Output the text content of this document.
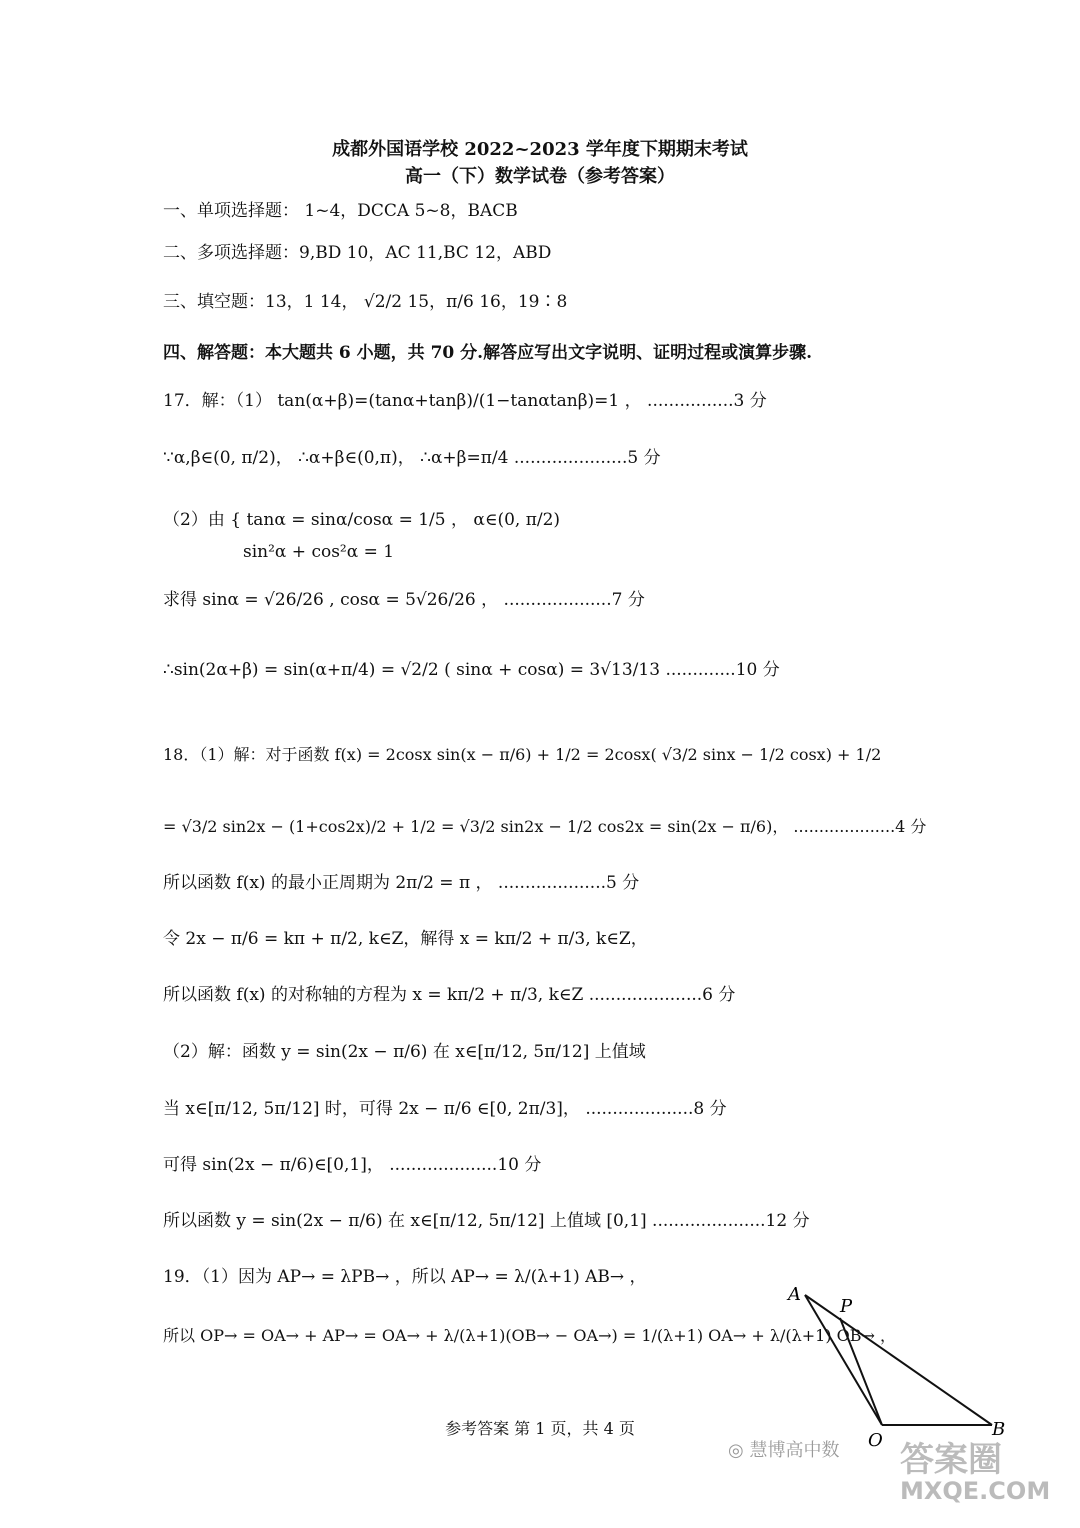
成都外国语学校 2022~2023 学年度下期期末考试
高一（下）数学试卷（参考答案）
一、单项选择题： 1~4，DCCA 5~8，BACB
二、多项选择题：9,BD 10，AC 11,BC 12，ABD
三、填空题：13，1 14， √2/2 15，π/6 16，19∶8
四、解答题：本大题共 6 小题，共 70 分.解答应写出文字说明、证明过程或演算步骤.
17．解：（1） tan(α+β)=(tanα+tanβ)/(1−tanαtanβ)=1 ， ................3 分
∵α,β∈(0, π/2)， ∴α+β∈(0,π)， ∴α+β=π/4 .....................5 分
（2）由 { tanα = sinα/cosα = 1/5 ， α∈(0, π/2)
sin²α + cos²α = 1
求得 sinα = √26/26 , cosα = 5√26/26 ， ....................7 分
∴sin(2α+β) = sin(α+π/4) = √2/2 ( sinα + cosα) = 3√13/13 .............10 分
18．（1）解：对于函数 f(x) = 2cosx sin(x − π/6) + 1/2 = 2cosx( √3/2 sinx − 1/2 cosx) + 1/2
= √3/2 sin2x − (1+cos2x)/2 + 1/2 = √3/2 sin2x − 1/2 cos2x = sin(2x − π/6)， ....................4 分
所以函数 f(x) 的最小正周期为 2π/2 = π ， ....................5 分
令 2x − π/6 = kπ + π/2, k∈Z，解得 x = kπ/2 + π/3, k∈Z，
所以函数 f(x) 的对称轴的方程为 x = kπ/2 + π/3, k∈Z .....................6 分
（2）解：函数 y = sin(2x − π/6) 在 x∈[π/12, 5π/12] 上值域
当 x∈[π/12, 5π/12] 时，可得 2x − π/6 ∈[0, 2π/3]， ....................8 分
可得 sin(2x − π/6)∈[0,1]， ....................10 分
所以函数 y = sin(2x − π/6) 在 x∈[π/12, 5π/12] 上值域 [0,1] .....................12 分
19．（1）因为 AP→ = λPB→ ，所以 AP→ = λ/(λ+1) AB→ ，
所以 OP→ = OA→ + AP→ = OA→ + λ/(λ+1)(OB→ − OA→) = 1/(λ+1) OA→ + λ/(λ+1) OB→ ，
A
P
O
B
参考答案 第 1 页，共 4 页
◎ 慧博高中数 答案圈
MXQE.COM
